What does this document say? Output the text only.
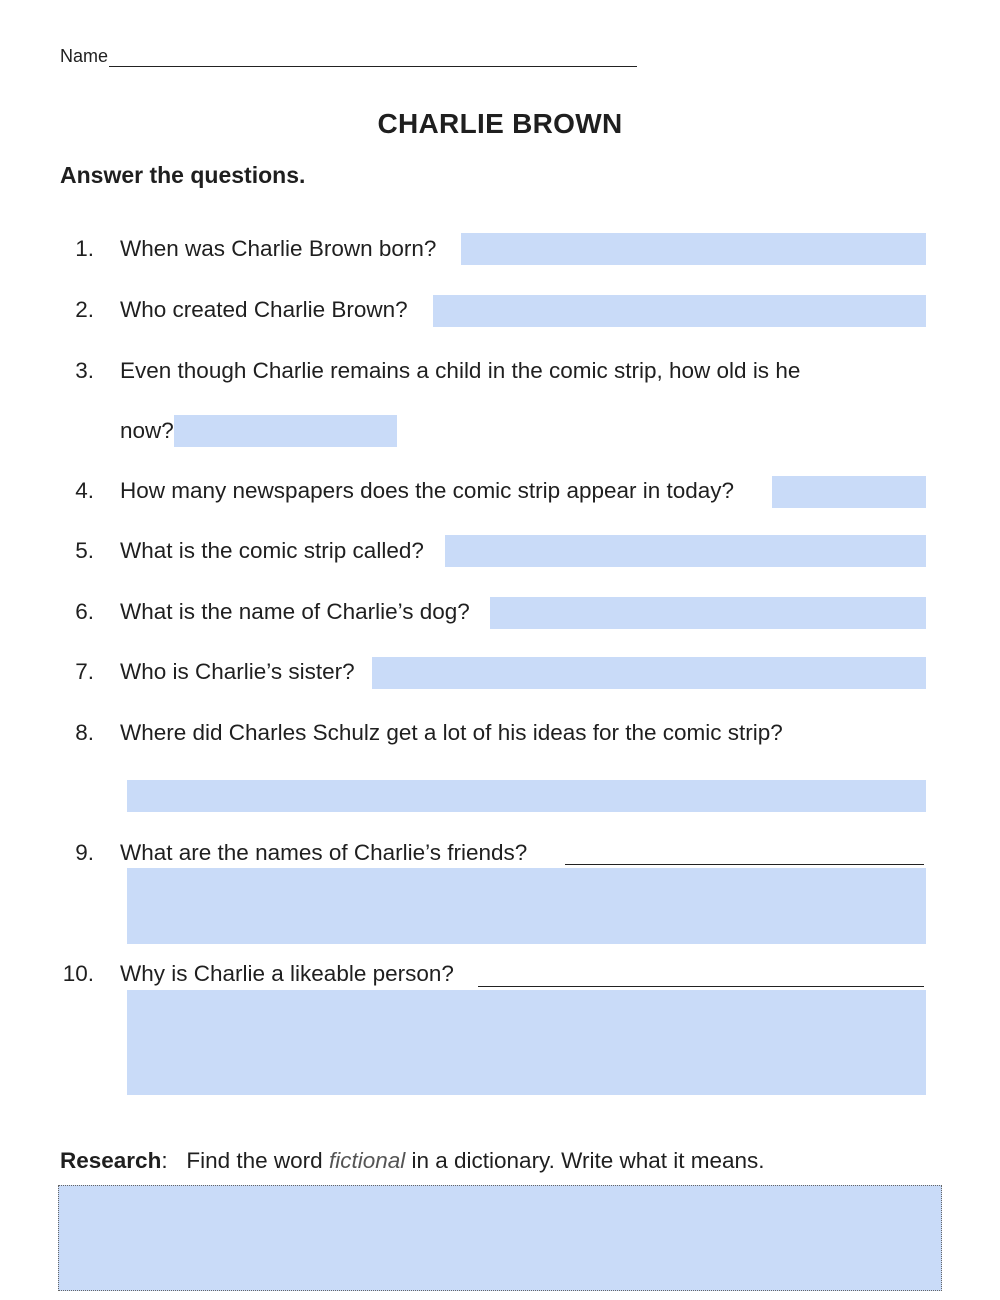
Name
CHARLIE BROWN
Answer the questions.
1. When was Charlie Brown born?
2. Who created Charlie Brown?
3. Even though Charlie remains a child in the comic strip, how old is he
now?
4. How many newspapers does the comic strip appear in today?
5. What is the comic strip called?
6. What is the name of Charlie’s dog?
7. Who is Charlie’s sister?
8. Where did Charles Schulz get a lot of his ideas for the comic strip?
9. What are the names of Charlie’s friends?
10. Why is Charlie a likeable person?
Research: Find the word fictional in a dictionary. Write what it means.
